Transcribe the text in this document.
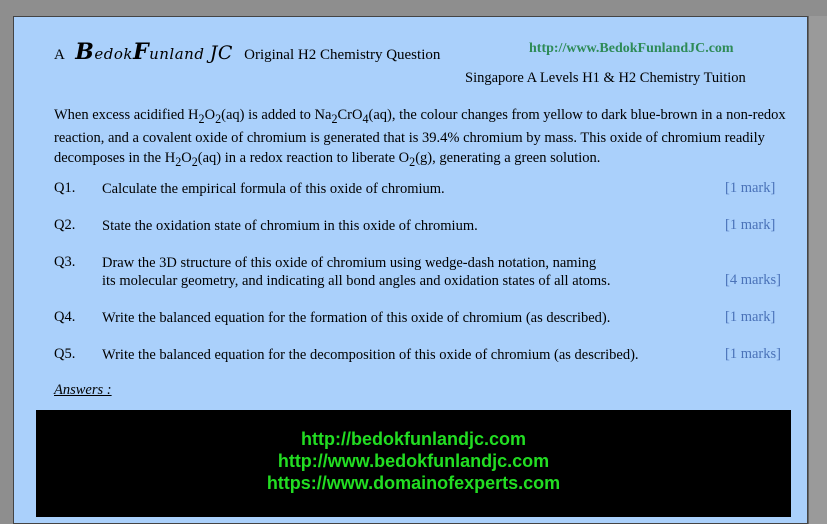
A BedokFunland JC Original H2 Chemistry Question	http://www.BedokFunlandJC.com
Singapore A Levels H1 & H2 Chemistry Tuition

When excess acidified $H_2O_2(aq)$ is added to $Na_2CrO_4(aq)$, the colour changes from yellow to dark blue-brown in a non-redox reaction, and a covalent oxide of chromium is generated that is 39.4% chromium by mass. This oxide of chromium readily decomposes in the $H_2O_2(aq)$ in a redox reaction to liberate $O_2(g)$, generating a green solution.

Q1. Calculate the empirical formula of this oxide of chromium.	[1 mark]
Q2. State the oxidation state of chromium in this oxide of chromium.	[1 mark]
Q3. Draw the 3D structure of this oxide of chromium using wedge-dash notation, naming
its molecular geometry, and indicating all bond angles and oxidation states of all atoms.	[4 marks]
Q4. Write the balanced equation for the formation of this oxide of chromium (as described).	[1 mark]
Q5. Write the balanced equation for the decomposition of this oxide of chromium (as described).	[1 marks]
Answers :
http://bedokfunlandjc.com
http://www.bedokfunlandjc.com
https://www.domainofexperts.com
